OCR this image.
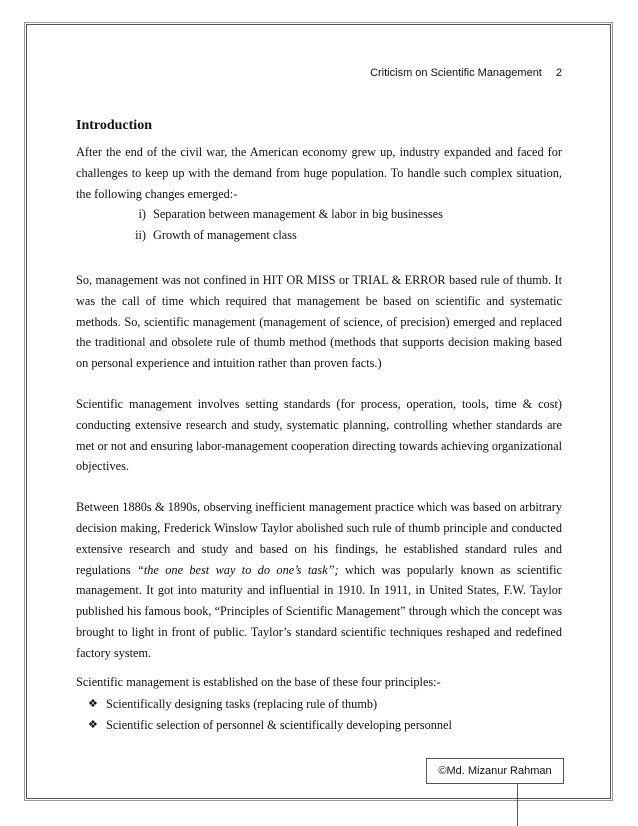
Criticism on Scientific Management 2
Introduction

After the end of the civil war, the American economy grew up, industry expanded and faced for challenges to keep up with the demand from huge population. To handle such complex situation, the following changes emerged:-

i) Separation between management & labor in big businesses
ii) Growth of management class

So, management was not confined in HIT OR MISS or TRIAL & ERROR based rule of thumb. It was the call of time which required that management be based on scientific and systematic methods. So, scientific management (management of science, of precision) emerged and replaced the traditional and obsolete rule of thumb method (methods that supports decision making based on personal experience and intuition rather than proven facts.)

Scientific management involves setting standards (for process, operation, tools, time & cost) conducting extensive research and study, systematic planning, controlling whether standards are met or not and ensuring labor-management cooperation directing towards achieving organizational objectives.

Between 1880s & 1890s, observing inefficient management practice which was based on arbitrary decision making, Frederick Winslow Taylor abolished such rule of thumb principle and conducted extensive research and study and based on his findings, he established standard rules and regulations “the one best way to do one’s task”; which was popularly known as scientific management. It got into maturity and influential in 1910. In 1911, in United States, F.W. Taylor published his famous book, “Principles of Scientific Management” through which the concept was brought to light in front of public. Taylor’s standard scientific techniques reshaped and redefined factory system.

Scientific management is established on the base of these four principles:-

❖ Scientifically designing tasks (replacing rule of thumb)
❖ Scientific selection of personnel & scientifically developing personnel
©Md. Mizanur Rahman
